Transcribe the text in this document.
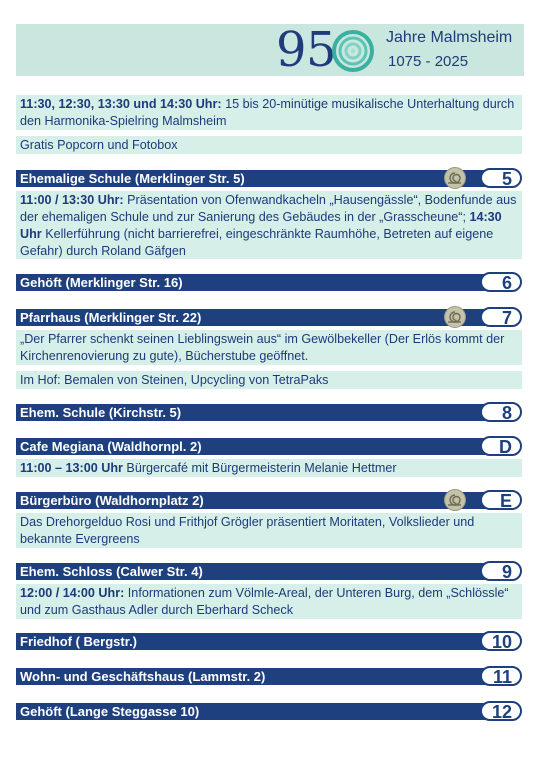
9 5	Jahre Malmsheim
1075 - 2025
11:30, 12:30, 13:30 und 14:30 Uhr: 15 bis 20-minütige musikalische Unterhaltung durch den Harmonika-Spielring Malmsheim
Gratis Popcorn und Fotobox
Ehemalige Schule (Merklinger Str. 5)	5
11:00 / 13:30 Uhr: Präsentation von Ofenwandkacheln „Hausengässle“, Bodenfunde aus der ehemaligen Schule und zur Sanierung des Gebäudes in der „Grasscheune“; 14:30 Uhr Kellerführung (nicht barrierefrei, eingeschränkte Raumhöhe, Betreten auf eigene Gefahr) durch Roland Gäfgen
Gehöft (Merklinger Str. 16)	6
Pfarrhaus (Merklinger Str. 22)	7
„Der Pfarrer schenkt seinen Lieblingswein aus“ im Gewölbekeller (Der Erlös kommt der Kirchenrenovierung zu gute), Bücherstube geöffnet.
Im Hof: Bemalen von Steinen, Upcycling von TetraPaks
Ehem. Schule (Kirchstr. 5)	8
Cafe Megiana (Waldhornpl. 2)	D
11:00 – 13:00 Uhr Bürgercafé mit Bürgermeisterin Melanie Hettmer
Bürgerbüro (Waldhornplatz 2)	E
Das Drehorgelduo Rosi und Frithjof Grögler präsentiert Moritaten, Volkslieder und bekannte Evergreens
Ehem. Schloss (Calwer Str. 4)	9
12:00 / 14:00 Uhr: Informationen zum Völmle-Areal, der Unteren Burg, dem „Schlössle“ und zum Gasthaus Adler durch Eberhard Scheck
Friedhof ( Bergstr.)	10
Wohn- und Geschäftshaus (Lammstr. 2)	11
Gehöft (Lange Steggasse 10)	12
